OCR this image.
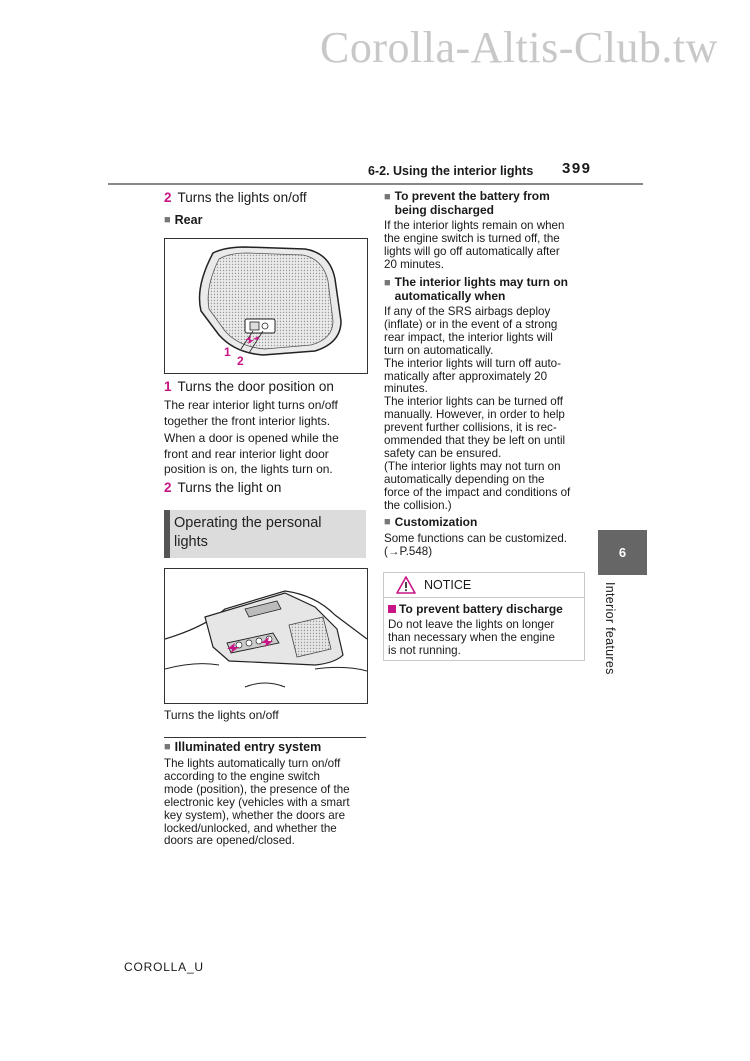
Corolla-Altis-Club.tw
6-2. Using the interior lights 399
2 Turns the lights on/off
■ Rear
1
2
1 Turns the door position on
The rear interior light turns on/off
together the front interior lights.
When a door is opened while the
front and rear interior light door
position is on, the lights turn on.
2 Turns the light on
Operating the personal
lights
Turns the lights on/off
■ Illuminated entry system
The lights automatically turn on/off
according to the engine switch
mode (position), the presence of the
electronic key (vehicles with a smart
key system), whether the doors are
locked/unlocked, and whether the
doors are opened/closed.
■ To prevent the battery from
being discharged
If the interior lights remain on when
the engine switch is turned off, the
lights will go off automatically after
20 minutes.
■ The interior lights may turn on
automatically when
If any of the SRS airbags deploy
(inflate) or in the event of a strong
rear impact, the interior lights will
turn on automatically.
The interior lights will turn off auto-
matically after approximately 20
minutes.
The interior lights can be turned off
manually. However, in order to help
prevent further collisions, it is rec-
ommended that they be left on until
safety can be ensured.
(The interior lights may not turn on
automatically depending on the
force of the impact and conditions of
the collision.)
■ Customization
Some functions can be customized.
(→P.548)
NOTICE
To prevent battery discharge
Do not leave the lights on longer
than necessary when the engine
is not running.
6
Interior features
COROLLA_U
